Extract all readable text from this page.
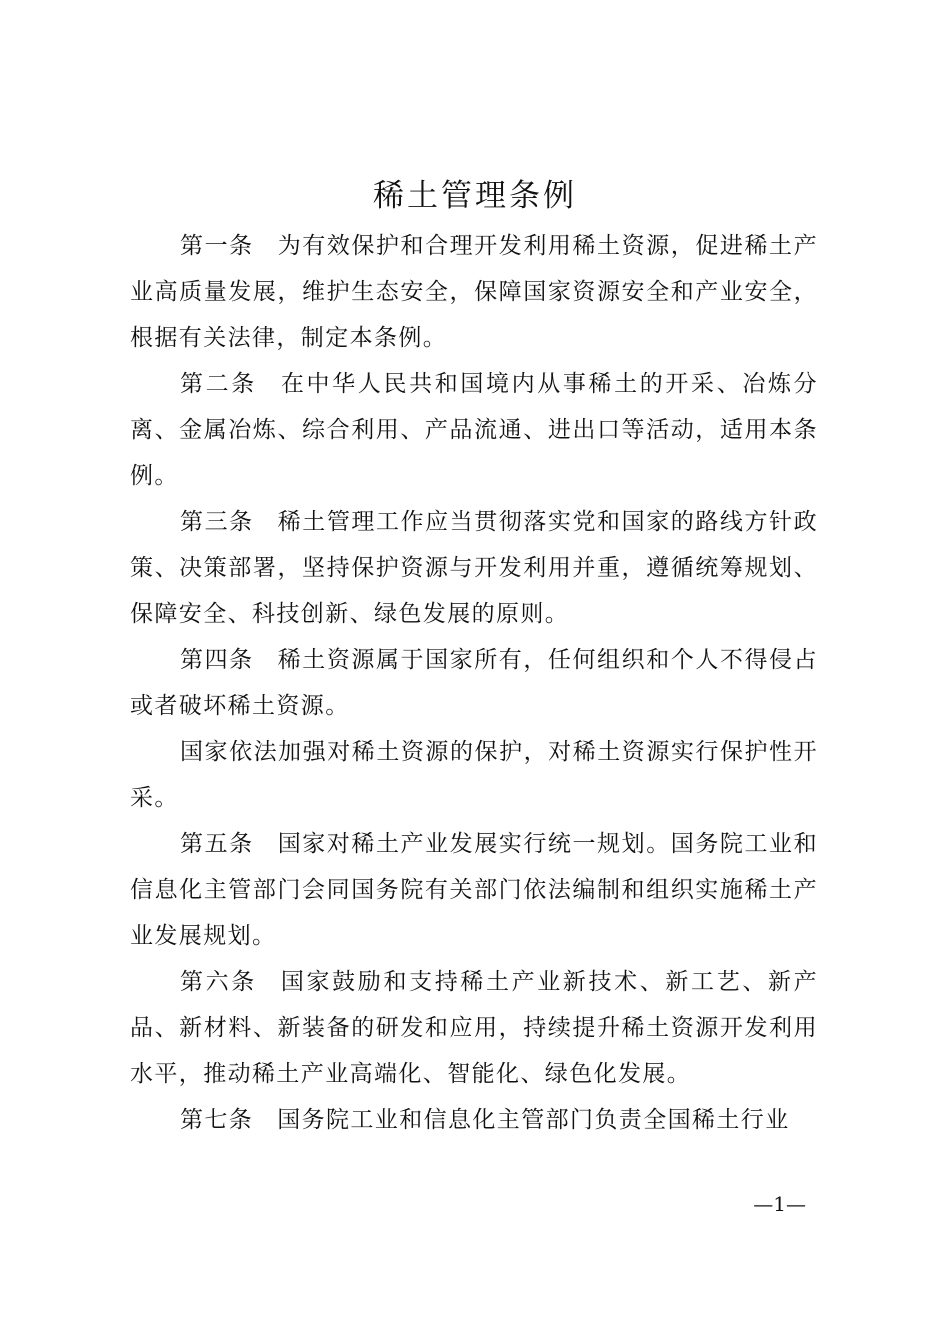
稀土管理条例

第一条 为有效保护和合理开发利用稀土资源，促进稀土产业高质量发展，维护生态安全，保障国家资源安全和产业安全，根据有关法律，制定本条例。

第二条 在中华人民共和国境内从事稀土的开采、冶炼分离、金属冶炼、综合利用、产品流通、进出口等活动，适用本条例。

第三条 稀土管理工作应当贯彻落实党和国家的路线方针政策、决策部署，坚持保护资源与开发利用并重，遵循统筹规划、保障安全、科技创新、绿色发展的原则。

第四条 稀土资源属于国家所有，任何组织和个人不得侵占或者破坏稀土资源。

国家依法加强对稀土资源的保护，对稀土资源实行保护性开采。

第五条 国家对稀土产业发展实行统一规划。国务院工业和信息化主管部门会同国务院有关部门依法编制和组织实施稀土产业发展规划。

第六条 国家鼓励和支持稀土产业新技术、新工艺、新产品、新材料、新装备的研发和应用，持续提升稀土资源开发利用水平，推动稀土产业高端化、智能化、绿色化发展。

第七条 国务院工业和信息化主管部门负责全国稀土行业

—1—
